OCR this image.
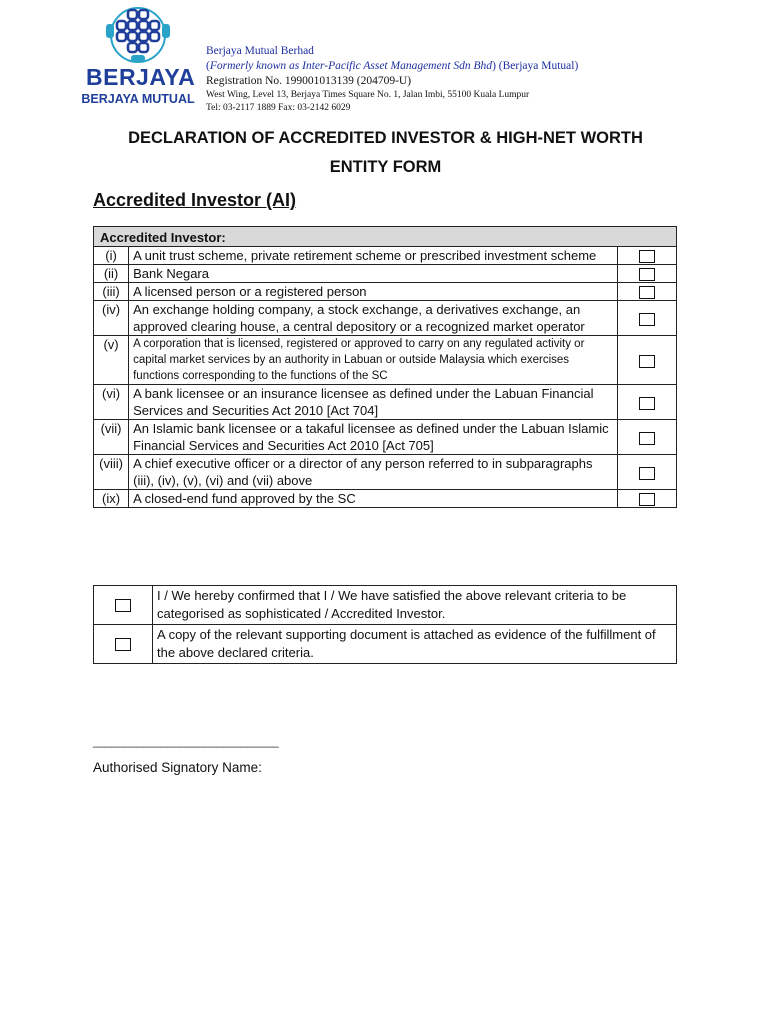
BERJAYA
BERJAYA MUTUAL
Berjaya Mutual Berhad
(Formerly known as Inter-Pacific Asset Management Sdn Bhd) (Berjaya Mutual)
Registration No. 199001013139 (204709-U)
West Wing, Level 13, Berjaya Times Square No. 1, Jalan Imbi, 55100 Kuala Lumpur
Tel: 03-2117 1889 Fax: 03-2142 6029
DECLARATION OF ACCREDITED INVESTOR & HIGH-NET WORTH
ENTITY FORM
Accredited Investor (AI)
Accredited Investor:		
(i)	A unit trust scheme, private retirement scheme or prescribed investment scheme	
(ii)	Bank Negara	
(iii)	A licensed person or a registered person	
(iv)	An exchange holding company, a stock exchange, a derivatives exchange, an approved clearing house, a central depository or a recognized market operator	
(v)	A corporation that is licensed, registered or approved to carry on any regulated activity or capital market services by an authority in Labuan or outside Malaysia which exercises functions corresponding to the functions of the SC	
(vi)	A bank licensee or an insurance licensee as defined under the Labuan Financial Services and Securities Act 2010 [Act 704]	
(vii)	An Islamic bank licensee or a takaful licensee as defined under the Labuan Islamic Financial Services and Securities Act 2010 [Act 705]	
(viii)	A chief executive officer or a director of any person referred to in subparagraphs (iii), (iv), (v), (vi) and (vii) above	
(ix)	A closed-end fund approved by the SC	
	I / We hereby confirmed that I / We have satisfied the above relevant criteria to be categorised as sophisticated / Accredited Investor.
	A copy of the relevant supporting document is attached as evidence of the fulfillment of the above declared criteria.
______________________________
Authorised Signatory Name:
